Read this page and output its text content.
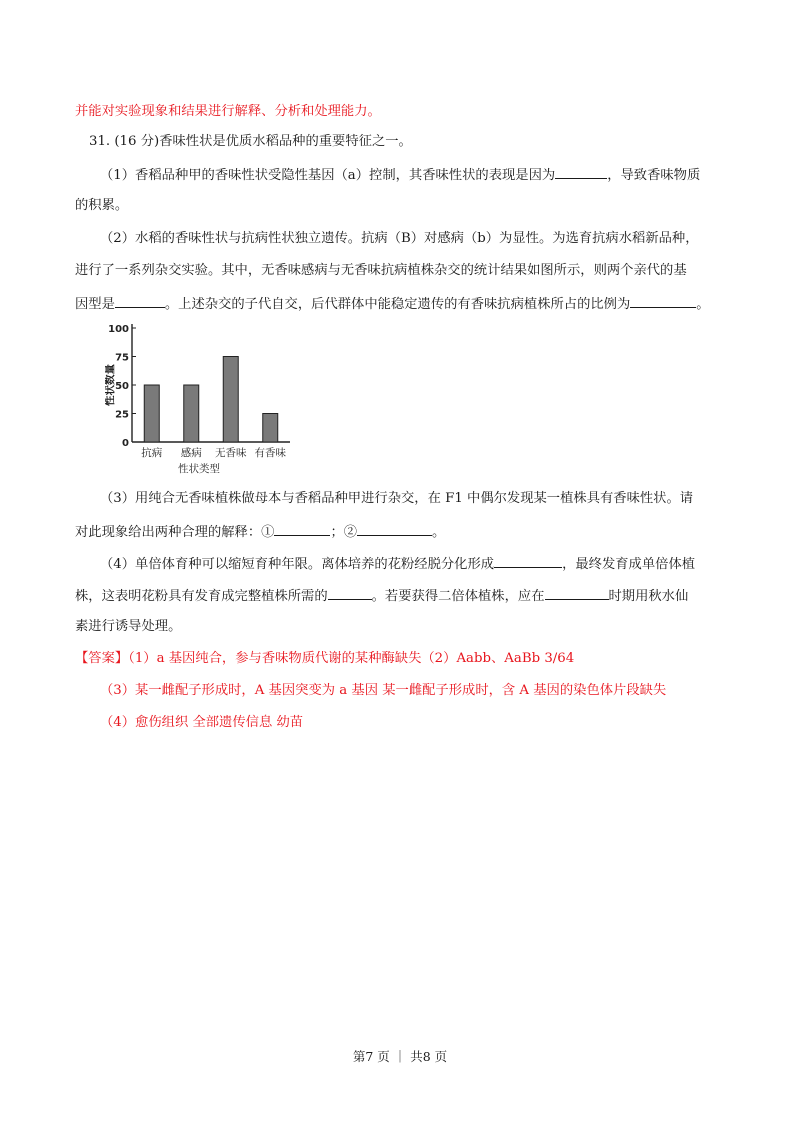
并能对实验现象和结果进行解释、分析和处理能力。
31. (16 分)香味性状是优质水稻品种的重要特征之一。
（1）香稻品种甲的香味性状受隐性基因（a）控制，其香味性状的表现是因为	，导致香味物质
的积累。
（2）水稻的香味性状与抗病性状独立遗传。抗病（B）对感病（b）为显性。为选育抗病水稻新品种，
进行了一系列杂交实验。其中，无香味感病与无香味抗病植株杂交的统计结果如图所示，则两个亲代的基
因型是	。上述杂交的子代自交，后代群体中能稳定遗传的有香味抗病植株所占的比例为	。
0
25
50
75
100
抗病 感病 无香味 有香味
性状数量
性状类型
（3）用纯合无香味植株做母本与香稻品种甲进行杂交，在 F1 中偶尔发现某一植株具有香味性状。请
对此现象给出两种合理的解释：①	；②	。
（4）单倍体育种可以缩短育种年限。离体培养的花粉经脱分化形成	，最终发育成单倍体植
株，这表明花粉具有发育成完整植株所需的	。若要获得二倍体植株，应在	时期用秋水仙
素进行诱导处理。
【答案】（1）a 基因纯合，参与香味物质代谢的某种酶缺失（2）Aabb、AaBb 3/64
（3）某一雌配子形成时，A 基因突变为 a 基因 某一雌配子形成时，含 A 基因的染色体片段缺失
（4）愈伤组织 全部遗传信息 幼苗
第7 页 ｜ 共8 页
